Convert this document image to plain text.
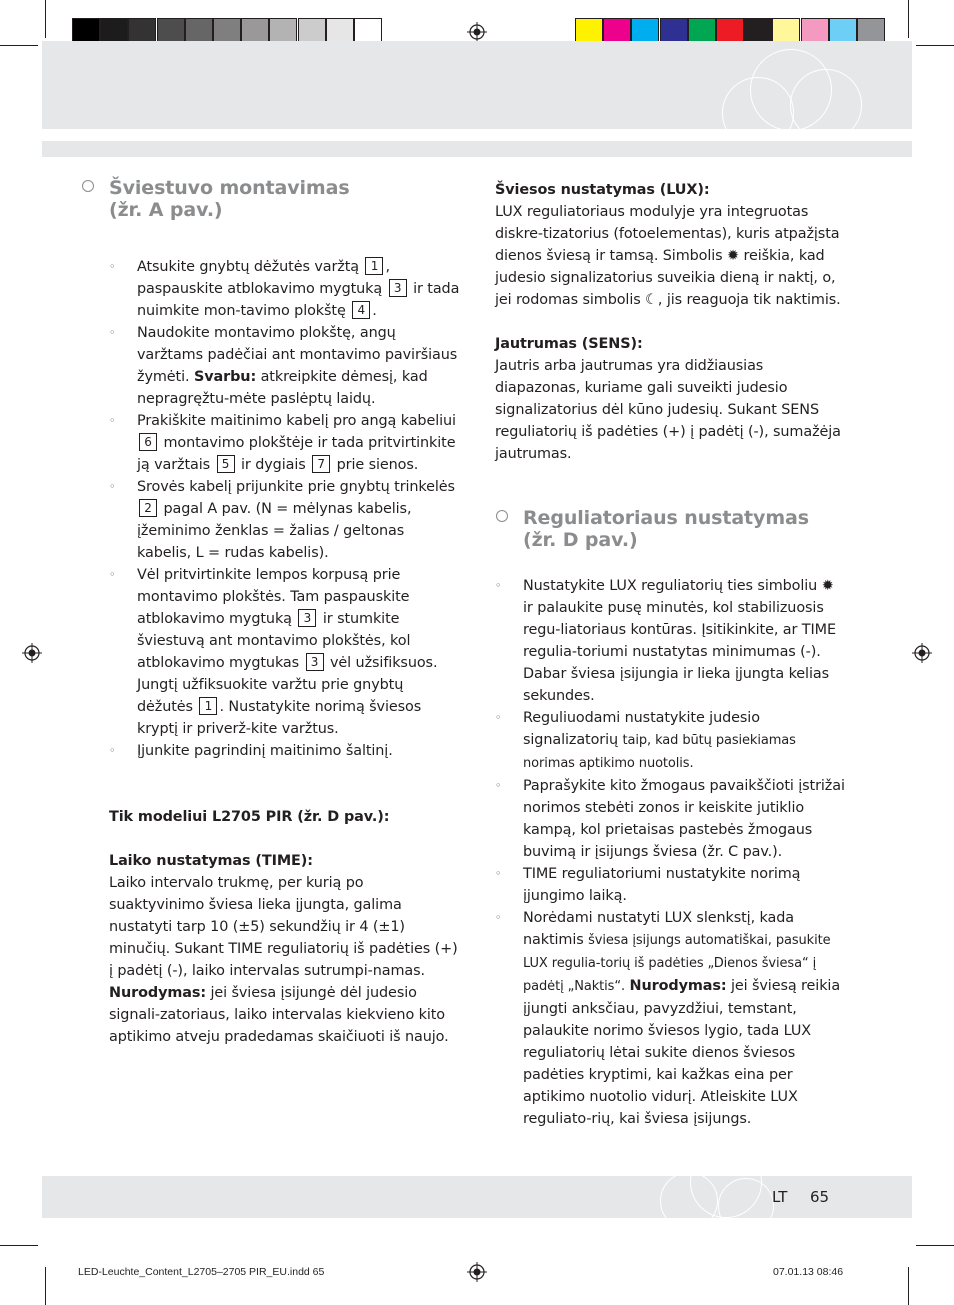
LT 65
Šviestuvo montavimas
(žr. A pav.)
◦ Atsukite gnybtų dėžutės varžtą 1 , paspauskite atblokavimo mygtuką 3 ir tada nuimkite mon-tavimo plokštę 4 .
◦ Naudokite montavimo plokštę, angų varžtams padėčiai ant montavimo paviršiaus žymėti. Svarbu: atkreipkite dėmesį, kad nepragręžtu-mėte paslėptų laidų.
◦ Prakiškite maitinimo kabelį pro angą kabeliui 6 montavimo plokštėje ir tada pritvirtinkite ją varžtais 5 ir dygiais 7 prie sienos.
◦ Srovės kabelį prijunkite prie gnybtų trinkelės 2 pagal A pav. (N = mėlynas kabelis, įžeminimo ženklas = žalias / geltonas kabelis, L = rudas kabelis).
◦ Vėl pritvirtinkite lempos korpusą prie montavimo plokštės. Tam paspauskite atblokavimo mygtuką 3 ir stumkite šviestuvą ant montavimo plokštės, kol atblokavimo mygtukas 3 vėl užsifiksuos. Jungtį užfiksuokite varžtu prie gnybtų dėžutės 1 . Nustatykite norimą šviesos kryptį ir priverž-kite varžtus.
◦ Įjunkite pagrindinį maitinimo šaltinį.
Tik modeliui L2705 PIR (žr. D pav.):
Laiko nustatymas (TIME):
Laiko intervalo trukmę, per kurią po suaktyvinimo šviesa lieka įjungta, galima nustatyti tarp 10 (±5) sekundžių ir 4 (±1) minučių. Sukant TIME reguliatorių iš padėties (+) į padėtį (-), laiko intervalas sutrumpi-namas.
Nurodymas: jei šviesa įsijungė dėl judesio signali-zatoriaus, laiko intervalas kiekvieno kito aptikimo atveju pradedamas skaičiuoti iš naujo.
Šviesos nustatymas (LUX):
LUX reguliatoriaus modulyje yra integruotas diskre-tizatorius (fotoelementas), kuris atpažįsta dienos šviesą ir tamsą. Simbolis ✹ reiškia, kad judesio signalizatorius suveikia dieną ir naktį, o, jei rodomas simbolis ☾, jis reaguoja tik naktimis.
Jautrumas (SENS):
Jautris arba jautrumas yra didžiausias diapazonas, kuriame gali suveikti judesio signalizatorius dėl kūno judesių. Sukant SENS reguliatorių iš padėties (+) į padėtį (-), sumažėja jautrumas.
Reguliatoriaus nustatymas
(žr. D pav.)
◦ Nustatykite LUX reguliatorių ties simboliu ✹ ir palaukite pusę minutės, kol stabilizuosis regu-liatoriaus kontūras. Įsitikinkite, ar TIME regulia-toriumi nustatytas minimumas (-). Dabar šviesa įsijungia ir lieka įjungta kelias sekundes.
◦ Reguliuodami nustatykite judesio signalizatorių taip, kad būtų pasiekiamas norimas aptikimo nuotolis.
◦ Paprašykite kito žmogaus pavaikščioti įstrižai norimos stebėti zonos ir keiskite jutiklio kampą, kol prietaisas pastebės žmogaus buvimą ir įsijungs šviesa (žr. C pav.).
◦ TIME reguliatoriumi nustatykite norimą įjungimo laiką.
◦ Norėdami nustatyti LUX slenkstį, kada naktimis šviesa įsijungs automatiškai, pasukite LUX regulia-torių iš padėties „Dienos šviesa“ į padėtį „Naktis“. Nurodymas: jei šviesą reikia įjungti anksčiau, pavyzdžiui, temstant, palaukite norimo šviesos lygio, tada LUX reguliatorių lėtai sukite dienos šviesos padėties kryptimi, kai kažkas eina per aptikimo nuotolio vidurį. Atleiskite LUX reguliato-rių, kai šviesa įsijungs.
LED-Leuchte_Content_L2705–2705 PIR_EU.indd 65	07.01.13 08:46
